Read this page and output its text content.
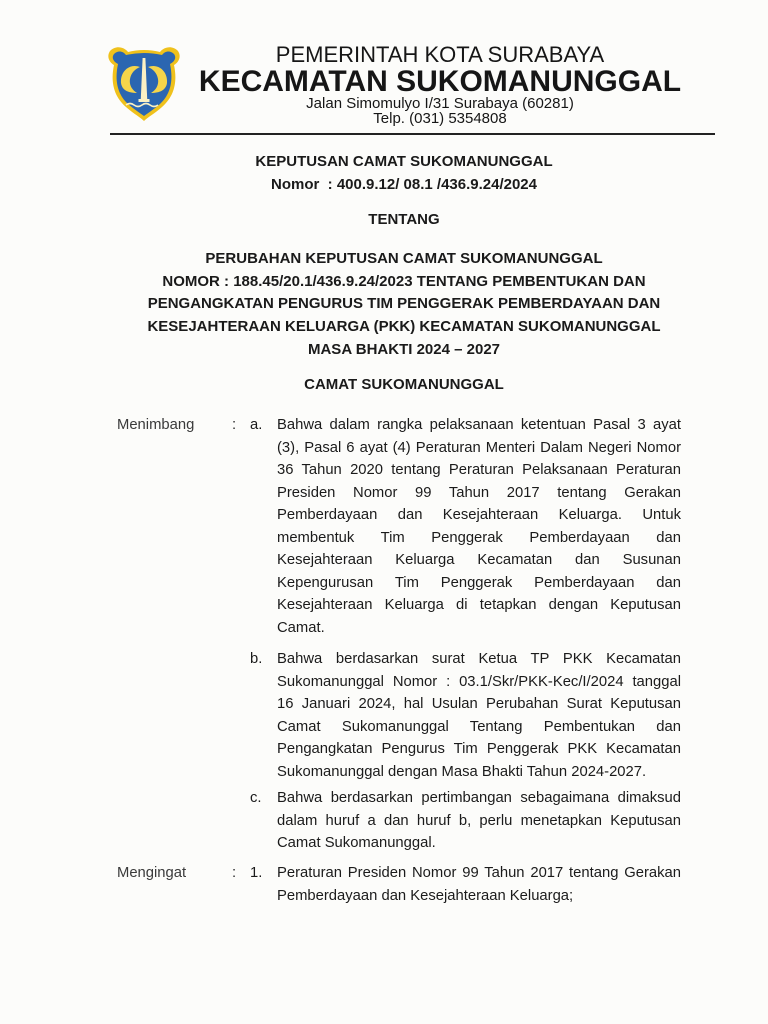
PEMERINTAH KOTA SURABAYA
KECAMATAN SUKOMANUNGGAL
Jalan Simomulyo I/31 Surabaya (60281)
Telp. (031) 5354808
KEPUTUSAN CAMAT SUKOMANUNGGAL
Nomor  : 400.9.12/ 08.1 /436.9.24/2024
TENTANG
PERUBAHAN KEPUTUSAN CAMAT SUKOMANUNGGAL
NOMOR : 188.45/20.1/436.9.24/2023 TENTANG PEMBENTUKAN DAN
PENGANGKATAN PENGURUS TIM PENGGERAK PEMBERDAYAAN DAN
KESEJAHTERAAN KELUARGA (PKK) KECAMATAN SUKOMANUNGGAL
MASA BHAKTI 2024 – 2027
CAMAT SUKOMANUNGGAL
Menimbang	: a. Bahwa dalam rangka pelaksanaan ketentuan Pasal 3 ayat
(3), Pasal 6 ayat (4) Peraturan Menteri Dalam Negeri Nomor
36 Tahun 2020 tentang Peraturan Pelaksanaan Peraturan
Presiden Nomor 99 Tahun 2017 tentang Gerakan
Pemberdayaan dan Kesejahteraan Keluarga. Untuk
membentuk Tim Penggerak Pemberdayaan dan
Kesejahteraan Keluarga Kecamatan dan Susunan
Kepengurusan Tim Penggerak Pemberdayaan dan
Kesejahteraan Keluarga di tetapkan dengan Keputusan
Camat.
b. Bahwa berdasarkan surat Ketua TP PKK Kecamatan
Sukomanunggal Nomor : 03.1/Skr/PKK-Kec/I/2024 tanggal
16 Januari 2024, hal Usulan Perubahan Surat Keputusan
Camat Sukomanunggal Tentang Pembentukan dan
Pengangkatan Pengurus Tim Penggerak PKK Kecamatan
Sukomanunggal dengan Masa Bhakti Tahun 2024-2027.
c. Bahwa berdasarkan pertimbangan sebagaimana dimaksud
dalam huruf a dan huruf b, perlu menetapkan Keputusan
Camat Sukomanunggal.
Mengingat	: 1. Peraturan Presiden Nomor 99 Tahun 2017 tentang Gerakan
Pemberdayaan dan Kesejahteraan Keluarga;
